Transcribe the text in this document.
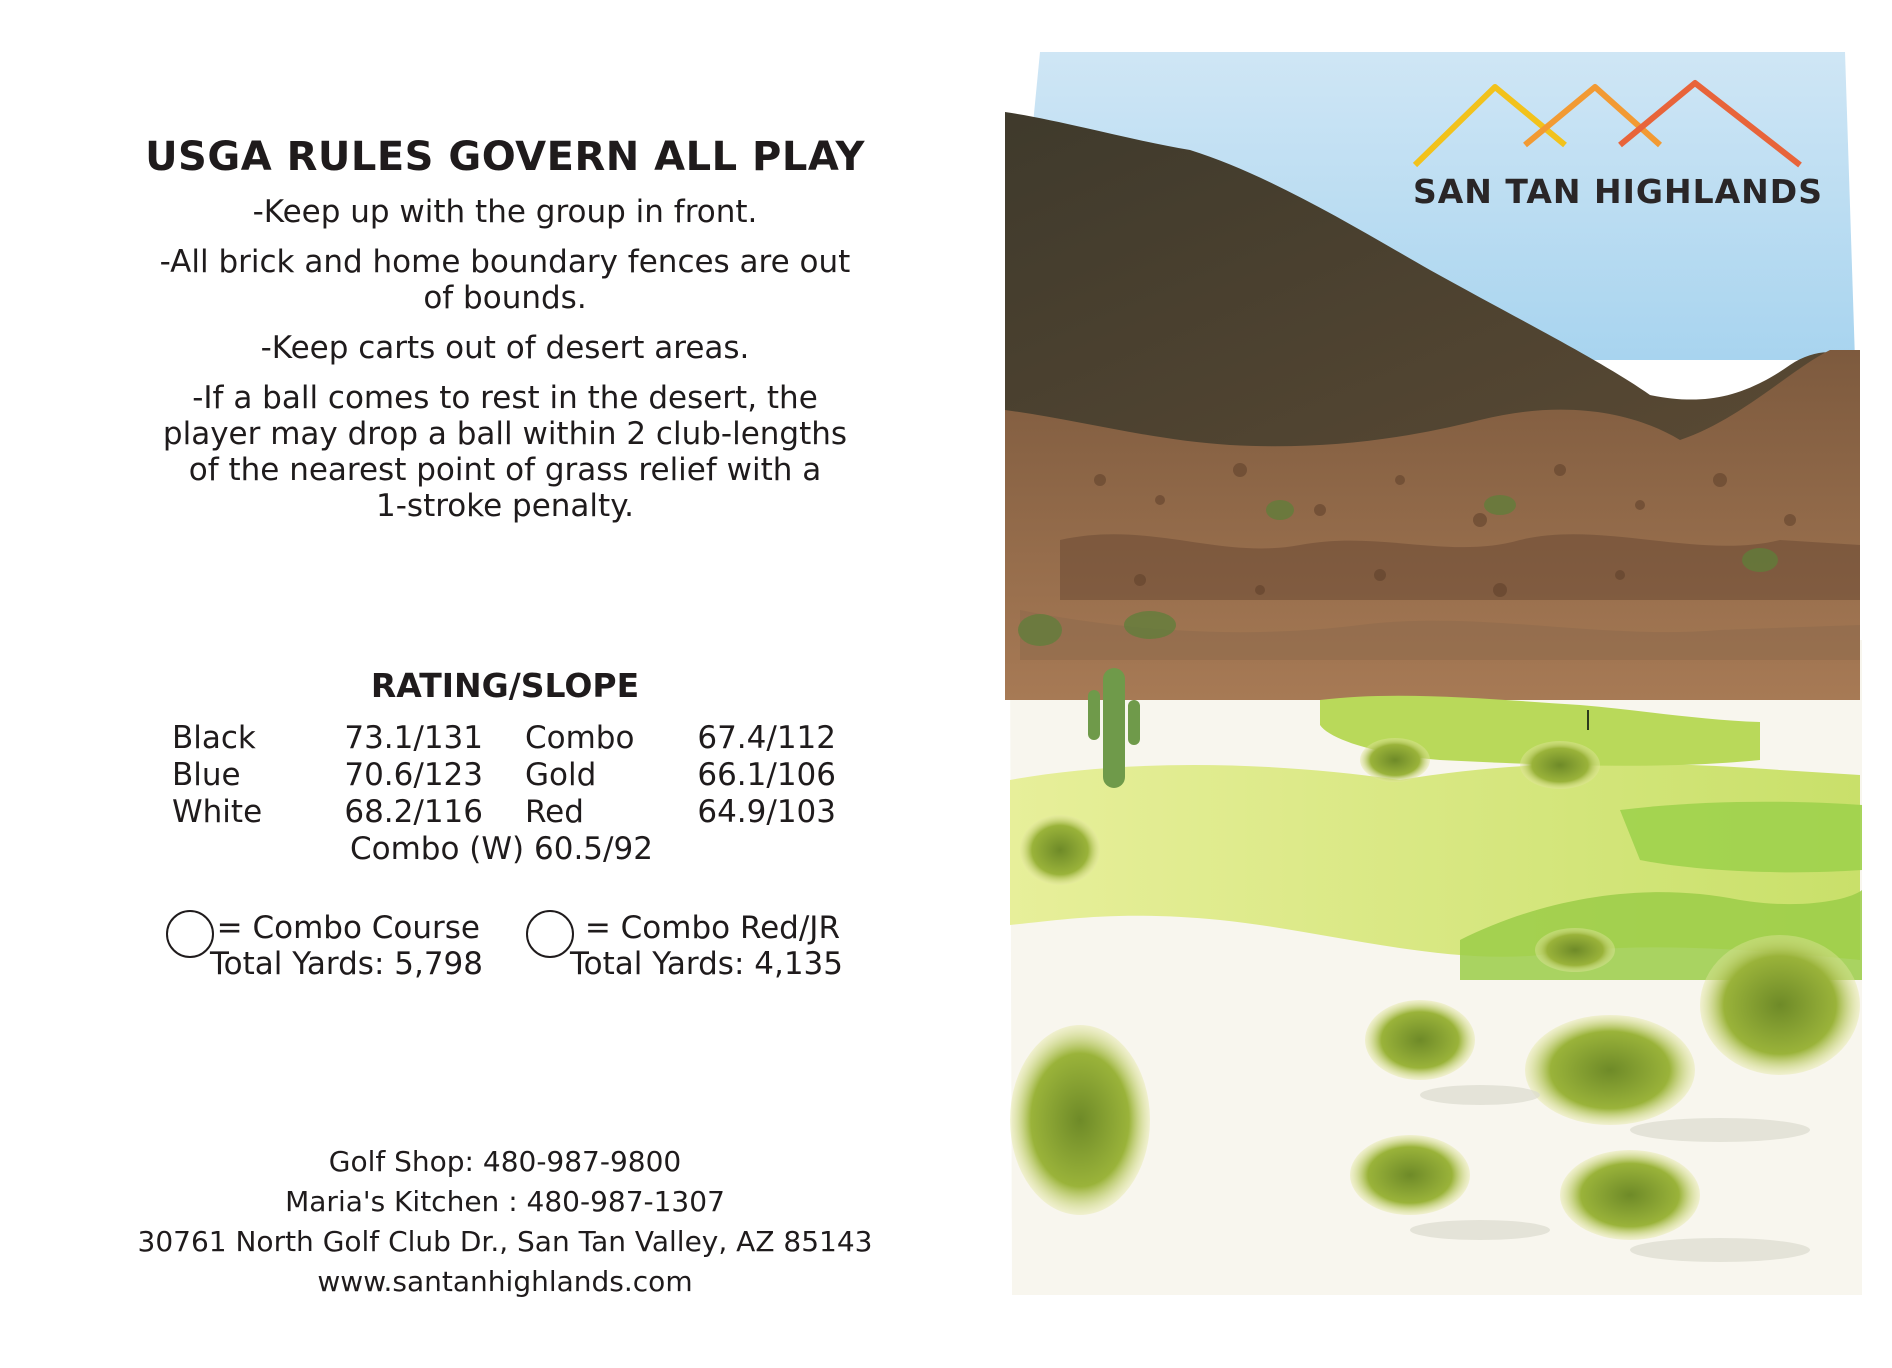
USGA RULES GOVERN ALL PLAY
-Keep up with the group in front.
-All brick and home boundary fences are out
of bounds.
-Keep carts out of desert areas.
-If a ball comes to rest in the desert, the
player may drop a ball within 2 club-lengths
of the nearest point of grass relief with a
1-stroke penalty.
RATING/SLOPE
Black	73.1/131 Combo	67.4/112
Blue	70.6/123 Gold	66.1/106
White	68.2/116 Red	64.9/103
Combo (W) 60.5/92
= Combo Course
Total Yards: 5,798
= Combo Red/JR
Total Yards: 4,135
Golf Shop: 480-987-9800
Maria's Kitchen : 480-987-1307
30761 North Golf Club Dr., San Tan Valley, AZ 85143
www.santanhighlands.com
SAN TAN HIGHLANDS
